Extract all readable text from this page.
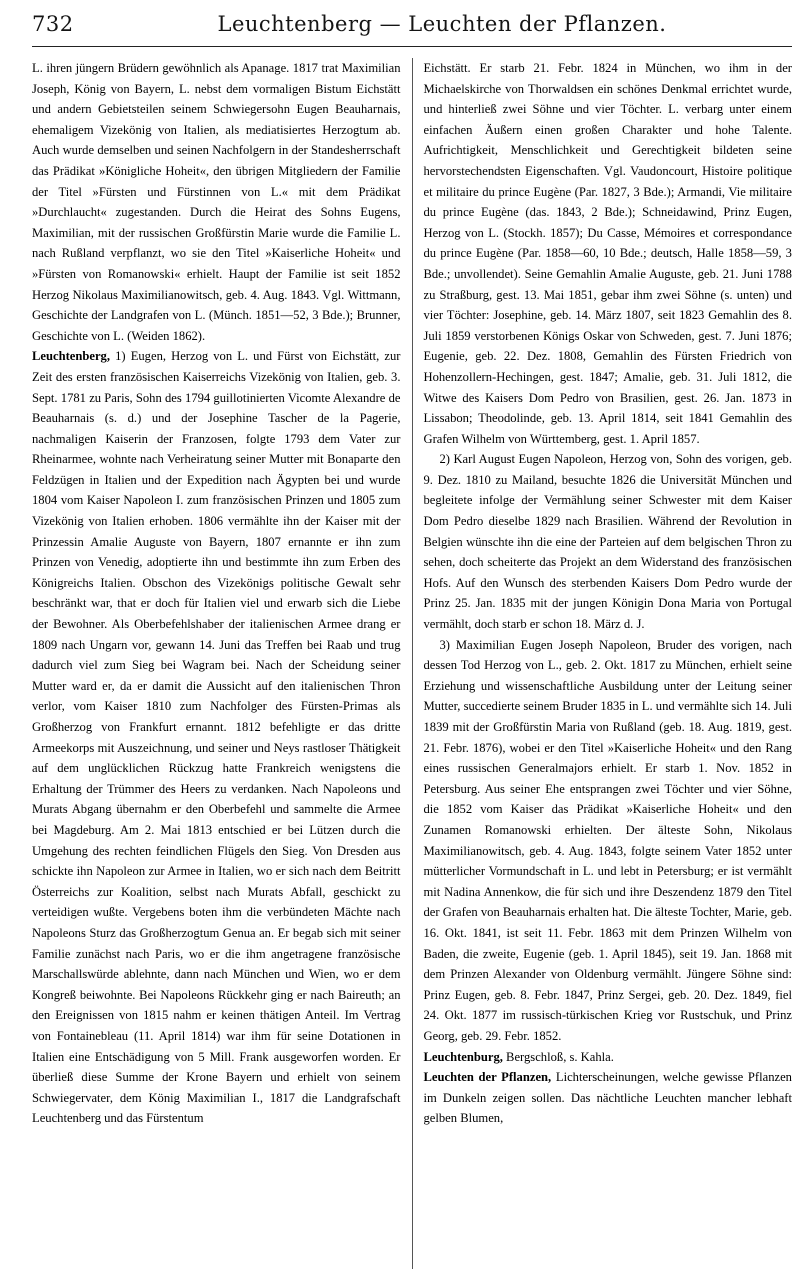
732	Leuchtenberg — Leuchten der Pflanzen.

L. ihren jüngern Brüdern gewöhnlich als Apanage. 1817 trat Maximilian Joseph, König von Bayern, L. nebst dem vormaligen Bistum Eichstätt und andern Gebietsteilen seinem Schwiegersohn Eugen Beauharnais, ehemaligem Vizekönig von Italien, als mediatisiertes Herzogtum ab. Auch wurde demselben und seinen Nachfolgern in der Standesherrschaft das Prädikat »Königliche Hoheit«, den übrigen Mitgliedern der Familie der Titel »Fürsten und Fürstinnen von L.« mit dem Prädikat »Durchlaucht« zugestanden. Durch die Heirat des Sohns Eugens, Maximilian, mit der russischen Großfürstin Marie wurde die Familie L. nach Rußland verpflanzt, wo sie den Titel »Kaiserliche Hoheit« und »Fürsten von Romanowski« erhielt. Haupt der Familie ist seit 1852 Herzog Nikolaus Maximilianowitsch, geb. 4. Aug. 1843. Vgl. Wittmann, Geschichte der Landgrafen von L. (Münch. 1851—52, 3 Bde.); Brunner, Geschichte von L. (Weiden 1862).

Leuchtenberg, 1) Eugen, Herzog von L. und Fürst von Eichstätt, zur Zeit des ersten französischen Kaiserreichs Vizekönig von Italien, geb. 3. Sept. 1781 zu Paris, Sohn des 1794 guillotinierten Vicomte Alexandre de Beauharnais (s. d.) und der Josephine Tascher de la Pagerie, nachmaligen Kaiserin der Franzosen, folgte 1793 dem Vater zur Rheinarmee, wohnte nach Verheiratung seiner Mutter mit Bonaparte den Feldzügen in Italien und der Expedition nach Ägypten bei und wurde 1804 vom Kaiser Napoleon I. zum französischen Prinzen und 1805 zum Vizekönig von Italien erhoben. 1806 vermählte ihn der Kaiser mit der Prinzessin Amalie Auguste von Bayern, 1807 ernannte er ihn zum Prinzen von Venedig, adoptierte ihn und bestimmte ihn zum Erben des Königreichs Italien. Obschon des Vizekönigs politische Gewalt sehr beschränkt war, that er doch für Italien viel und erwarb sich die Liebe der Bewohner. Als Oberbefehlshaber der italienischen Armee drang er 1809 nach Ungarn vor, gewann 14. Juni das Treffen bei Raab und trug dadurch viel zum Sieg bei Wagram bei. Nach der Scheidung seiner Mutter ward er, da er damit die Aussicht auf den italienischen Thron verlor, vom Kaiser 1810 zum Nachfolger des Fürsten-Primas als Großherzog von Frankfurt ernannt. 1812 befehligte er das dritte Armeekorps mit Auszeichnung, und seiner und Neys rastloser Thätigkeit auf dem unglücklichen Rückzug hatte Frankreich wenigstens die Erhaltung der Trümmer des Heers zu verdanken. Nach Napoleons und Murats Abgang übernahm er den Oberbefehl und sammelte die Armee bei Magdeburg. Am 2. Mai 1813 entschied er bei Lützen durch die Umgehung des rechten feindlichen Flügels den Sieg. Von Dresden aus schickte ihn Napoleon zur Armee in Italien, wo er sich nach dem Beitritt Österreichs zur Koalition, selbst nach Murats Abfall, geschickt zu verteidigen wußte. Vergebens boten ihm die verbündeten Mächte nach Napoleons Sturz das Großherzogtum Genua an. Er begab sich mit seiner Familie zunächst nach Paris, wo er die ihm angetragene französische Marschallswürde ablehnte, dann nach München und Wien, wo er dem Kongreß beiwohnte. Bei Napoleons Rückkehr ging er nach Baireuth; an den Ereignissen von 1815 nahm er keinen thätigen Anteil. Im Vertrag von Fontainebleau (11. April 1814) war ihm für seine Dotationen in Italien eine Entschädigung von 5 Mill. Frank ausgeworfen worden. Er überließ diese Summe der Krone Bayern und erhielt von seinem Schwiegervater, dem König Maximilian I., 1817 die Landgrafschaft Leuchtenberg und das Fürstentum

Eichstätt. Er starb 21. Febr. 1824 in München, wo ihm in der Michaelskirche von Thorwaldsen ein schönes Denkmal errichtet wurde, und hinterließ zwei Söhne und vier Töchter. L. verbarg unter einem einfachen Äußern einen großen Charakter und hohe Talente. Aufrichtigkeit, Menschlichkeit und Gerechtigkeit bildeten seine hervorstechendsten Eigenschaften. Vgl. Vaudoncourt, Histoire politique et militaire du prince Eugène (Par. 1827, 3 Bde.); Armandi, Vie militaire du prince Eugène (das. 1843, 2 Bde.); Schneidawind, Prinz Eugen, Herzog von L. (Stockh. 1857); Du Casse, Mémoires et correspondance du prince Eugène (Par. 1858—60, 10 Bde.; deutsch, Halle 1858—59, 3 Bde.; unvollendet). Seine Gemahlin Amalie Auguste, geb. 21. Juni 1788 zu Straßburg, gest. 13. Mai 1851, gebar ihm zwei Söhne (s. unten) und vier Töchter: Josephine, geb. 14. März 1807, seit 1823 Gemahlin des 8. Juli 1859 verstorbenen Königs Oskar von Schweden, gest. 7. Juni 1876; Eugenie, geb. 22. Dez. 1808, Gemahlin des Fürsten Friedrich von Hohenzollern-Hechingen, gest. 1847; Amalie, geb. 31. Juli 1812, die Witwe des Kaisers Dom Pedro von Brasilien, gest. 26. Jan. 1873 in Lissabon; Theodolinde, geb. 13. April 1814, seit 1841 Gemahlin des Grafen Wilhelm von Württemberg, gest. 1. April 1857.

2) Karl August Eugen Napoleon, Herzog von, Sohn des vorigen, geb. 9. Dez. 1810 zu Mailand, besuchte 1826 die Universität München und begleitete infolge der Vermählung seiner Schwester mit dem Kaiser Dom Pedro dieselbe 1829 nach Brasilien. Während der Revolution in Belgien wünschte ihn die eine der Parteien auf dem belgischen Thron zu sehen, doch scheiterte das Projekt an dem Widerstand des französischen Hofs. Auf den Wunsch des sterbenden Kaisers Dom Pedro wurde der Prinz 25. Jan. 1835 mit der jungen Königin Dona Maria von Portugal vermählt, doch starb er schon 18. März d. J.

3) Maximilian Eugen Joseph Napoleon, Bruder des vorigen, nach dessen Tod Herzog von L., geb. 2. Okt. 1817 zu München, erhielt seine Erziehung und wissenschaftliche Ausbildung unter der Leitung seiner Mutter, succedierte seinem Bruder 1835 in L. und vermählte sich 14. Juli 1839 mit der Großfürstin Maria von Rußland (geb. 18. Aug. 1819, gest. 21. Febr. 1876), wobei er den Titel »Kaiserliche Hoheit« und den Rang eines russischen Generalmajors erhielt. Er starb 1. Nov. 1852 in Petersburg. Aus seiner Ehe entsprangen zwei Töchter und vier Söhne, die 1852 vom Kaiser das Prädikat »Kaiserliche Hoheit« und den Zunamen Romanowski erhielten. Der älteste Sohn, Nikolaus Maximilianowitsch, geb. 4. Aug. 1843, folgte seinem Vater 1852 unter mütterlicher Vormundschaft in L. und lebt in Petersburg; er ist vermählt mit Nadina Annenkow, die für sich und ihre Deszendenz 1879 den Titel der Grafen von Beauharnais erhalten hat. Die älteste Tochter, Marie, geb. 16. Okt. 1841, ist seit 11. Febr. 1863 mit dem Prinzen Wilhelm von Baden, die zweite, Eugenie (geb. 1. April 1845), seit 19. Jan. 1868 mit dem Prinzen Alexander von Oldenburg vermählt. Jüngere Söhne sind: Prinz Eugen, geb. 8. Febr. 1847, Prinz Sergei, geb. 20. Dez. 1849, fiel 24. Okt. 1877 im russisch-türkischen Krieg vor Rustschuk, und Prinz Georg, geb. 29. Febr. 1852.

Leuchtenburg, Bergschloß, s. Kahla.

Leuchten der Pflanzen, Lichterscheinungen, welche gewisse Pflanzen im Dunkeln zeigen sollen. Das nächtliche Leuchten mancher lebhaft gelben Blumen,
